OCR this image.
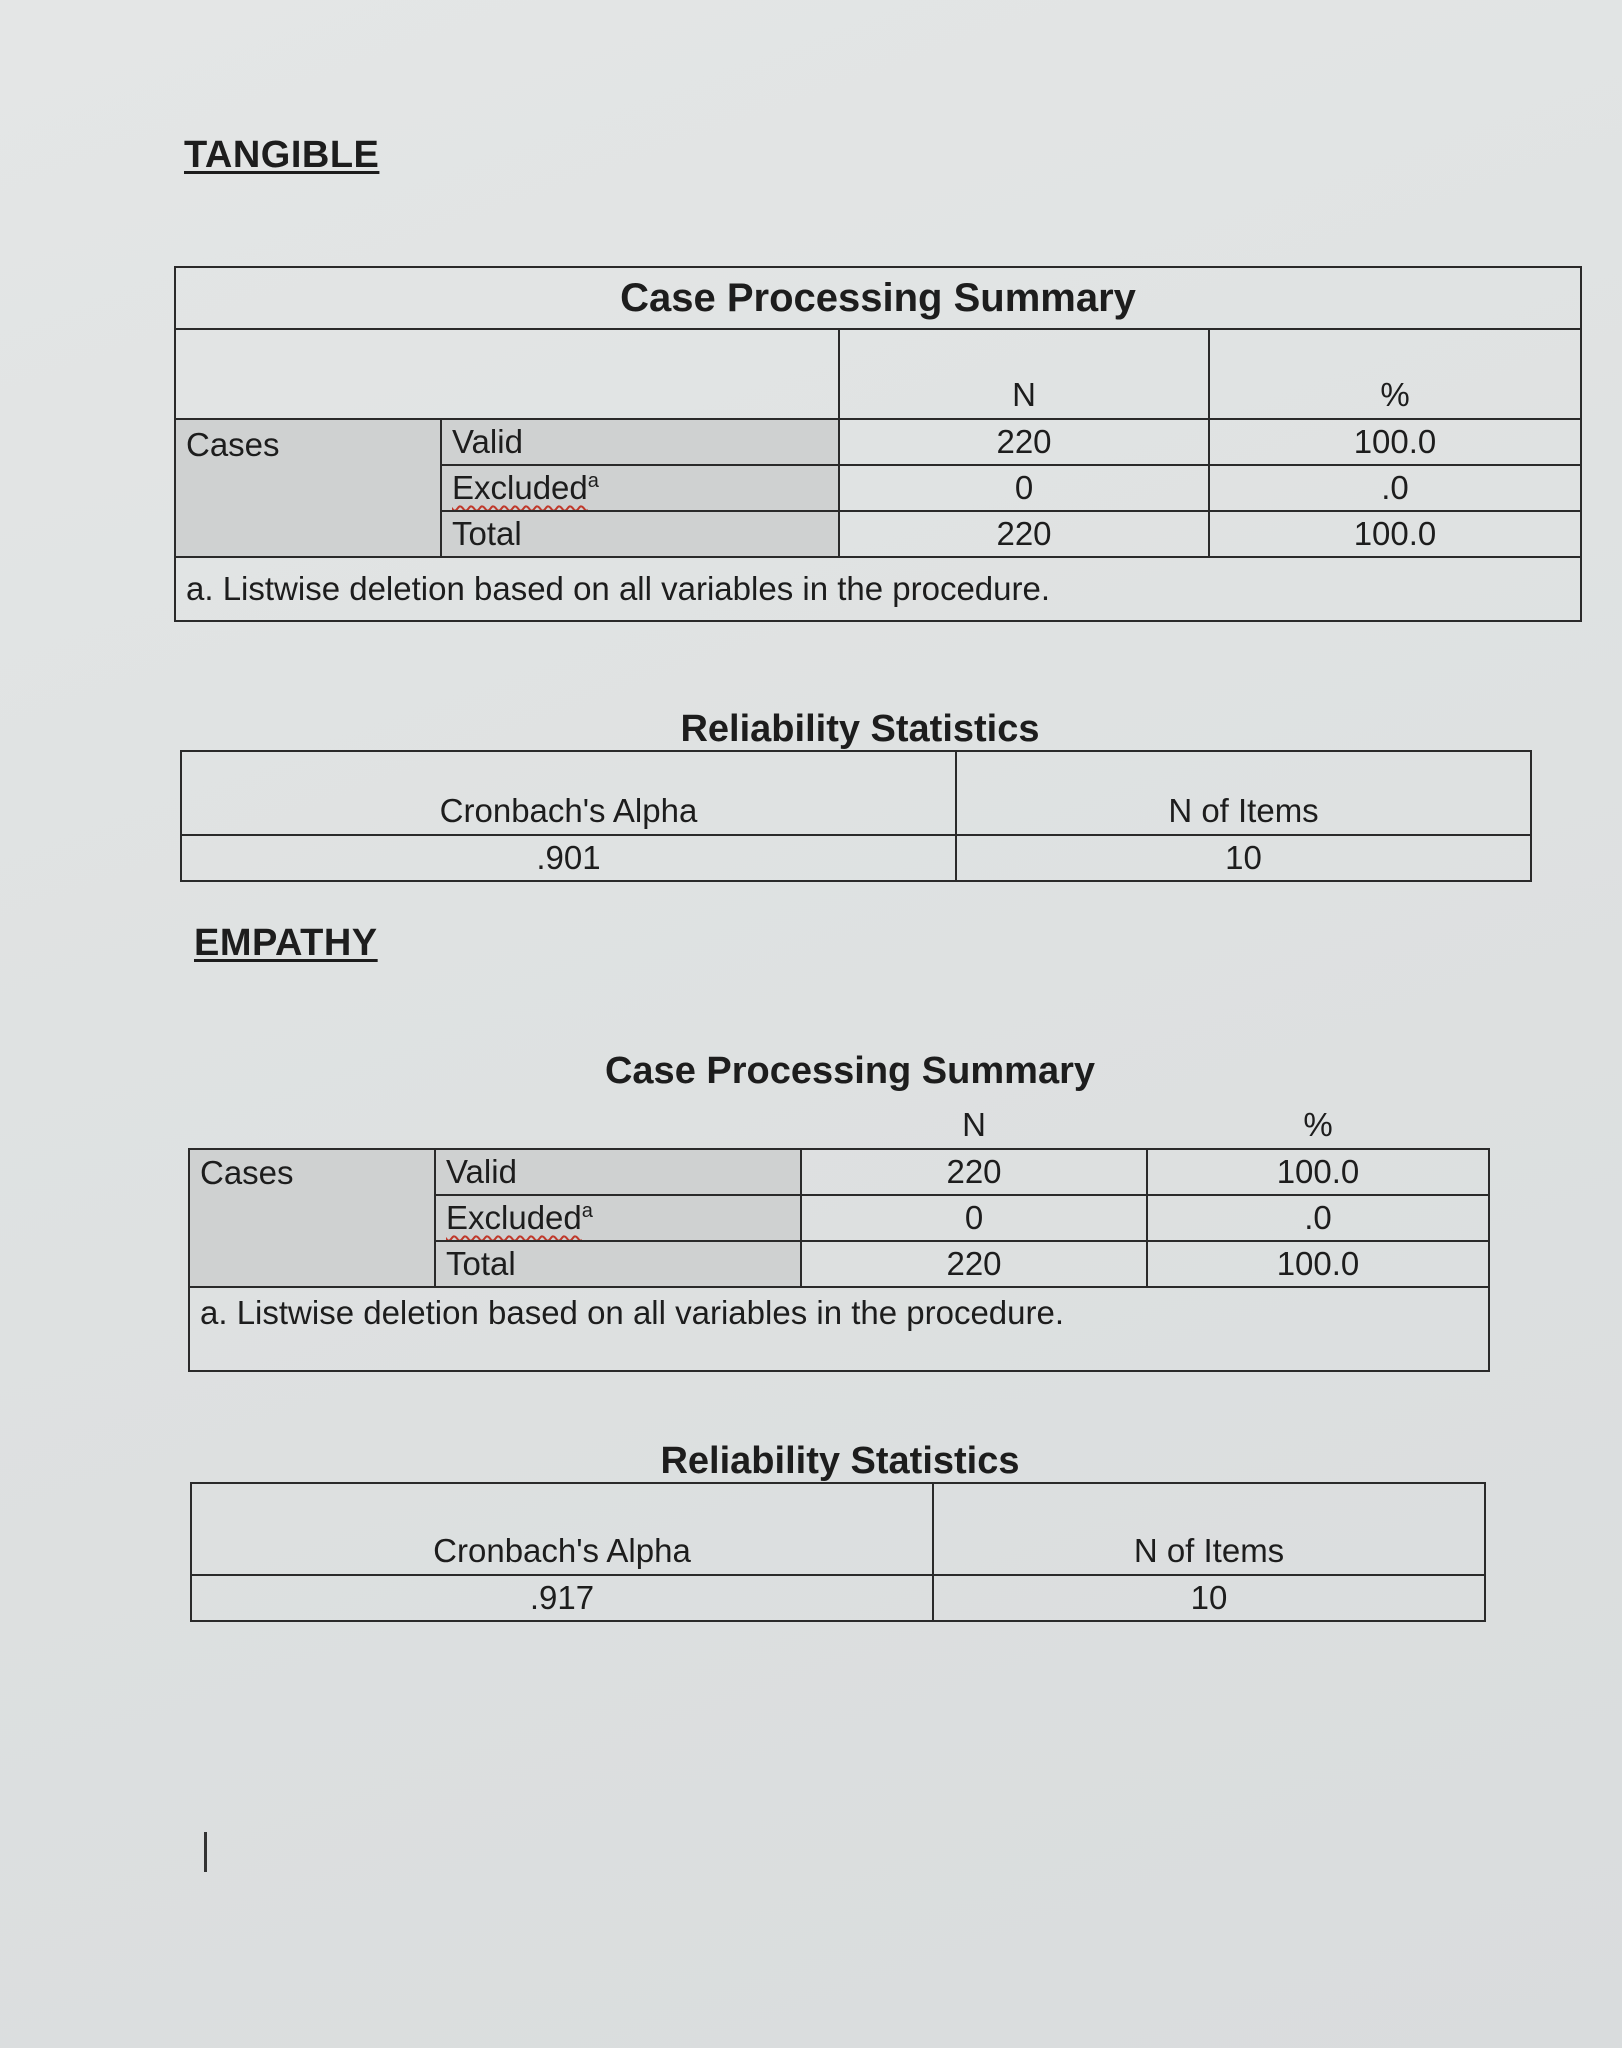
TANGIBLE
Case Processing Summary			
		N	%
Cases	Valid	220	100.0
	Excluded$^a$	0	.0
	Total	220	100.0
a. Listwise deletion based on all variables in the procedure.			
Reliability Statistics
Cronbach's Alpha	N of Items
.901	10
EMPATHY
Case Processing Summary
		N	%
Cases	Valid	220	100.0
	Excluded$^a$	0	.0
	Total	220	100.0
a. Listwise deletion based on all variables in the procedure.			
Reliability Statistics
Cronbach's Alpha	N of Items
.917	10
